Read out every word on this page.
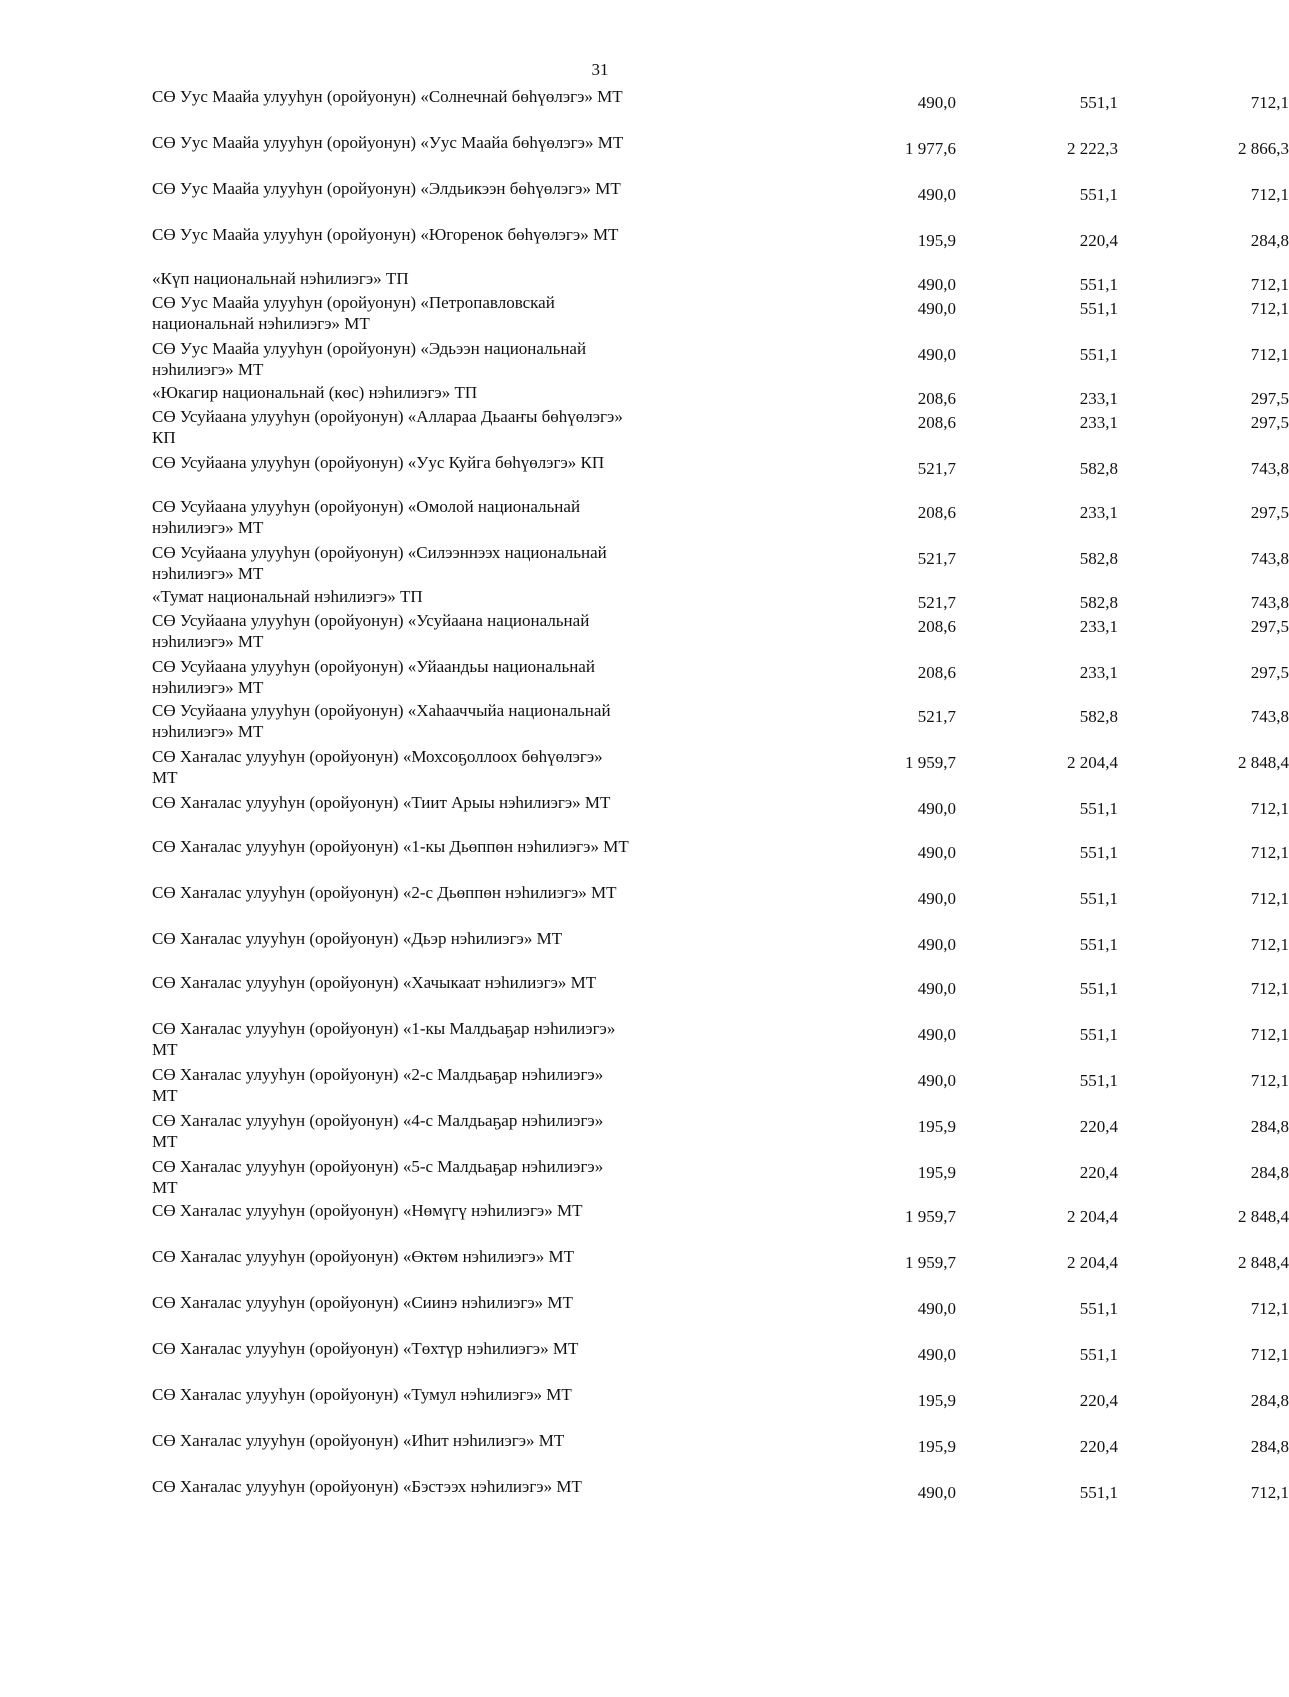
31
СӨ Уус Маайа улууһун (оройуонун) «Солнечнай бөһүөлэгэ» МТ	490,0	551,1	712,1
СӨ Уус Маайа улууһун (оройуонун) «Уус Маайа бөһүөлэгэ» МТ	1 977,6	2 222,3	2 866,3
СӨ Уус Маайа улууһун (оройуонун) «Элдьикээн бөһүөлэгэ» МТ	490,0	551,1	712,1
СӨ Уус Маайа улууһун (оройуонун) «Югоренок бөһүөлэгэ» МТ	195,9	220,4	284,8
«Күп национальнай нэһилиэгэ» ТП	490,0	551,1	712,1
СӨ Уус Маайа улууһун (оройуонун) «Петропавловскай национальнай нэһилиэгэ» МТ
490,0	551,1	712,1
СӨ Уус Маайа улууһун (оройуонун) «Эдьээн национальнай нэһилиэгэ» МТ
490,0	551,1	712,1
«Юкагир национальнай (көс) нэһилиэгэ» ТП	208,6	233,1	297,5
СӨ Усуйаана улууһун (оройуонун) «Аллараа Дьааҥы бөһүөлэгэ» КП
208,6	233,1	297,5
СӨ Усуйаана улууһун (оройуонун) «Уус Куйга бөһүөлэгэ» КП	521,7	582,8	743,8
СӨ Усуйаана улууһун (оройуонун) «Омолой национальнай нэһилиэгэ» МТ
208,6	233,1	297,5
СӨ Усуйаана улууһун (оройуонун) «Силээннээх национальнай нэһилиэгэ» МТ
521,7	582,8	743,8
«Тумат национальнай нэһилиэгэ» ТП	521,7	582,8	743,8
СӨ Усуйаана улууһун (оройуонун) «Усуйаана национальнай нэһилиэгэ» МТ
208,6	233,1	297,5
СӨ Усуйаана улууһун (оройуонун) «Уйаандьы национальнай нэһилиэгэ» МТ
208,6	233,1	297,5
СӨ Усуйаана улууһун (оройуонун) «Хаһааччыйа национальнай нэһилиэгэ» МТ
521,7	582,8	743,8
СӨ Хаҥалас улууһун (оройуонун) «Мохсоҕоллоох бөһүөлэгэ» МТ
1 959,7	2 204,4	2 848,4
СӨ Хаҥалас улууһун (оройуонун) «Тиит Арыы нэһилиэгэ» МТ	490,0	551,1	712,1
СӨ Хаҥалас улууһун (оройуонун) «1-кы Дьөппөн нэһилиэгэ» МТ	490,0	551,1	712,1
СӨ Хаҥалас улууһун (оройуонун) «2-с Дьөппөн нэһилиэгэ» МТ	490,0	551,1	712,1
СӨ Хаҥалас улууһун (оройуонун) «Дьэр нэһилиэгэ» МТ	490,0	551,1	712,1
СӨ Хаҥалас улууһун (оройуонун) «Хачыкаат нэһилиэгэ» МТ	490,0	551,1	712,1
СӨ Хаҥалас улууһун (оройуонун) «1-кы Малдьаҕар нэһилиэгэ» МТ
490,0	551,1	712,1
СӨ Хаҥалас улууһун (оройуонун) «2-с Малдьаҕар нэһилиэгэ» МТ
490,0	551,1	712,1
СӨ Хаҥалас улууһун (оройуонун) «4-с Малдьаҕар нэһилиэгэ» МТ
195,9	220,4	284,8
СӨ Хаҥалас улууһун (оройуонун) «5-с Малдьаҕар нэһилиэгэ» МТ
195,9	220,4	284,8
СӨ Хаҥалас улууһун (оройуонун) «Нөмүгү нэһилиэгэ» МТ	1 959,7	2 204,4	2 848,4
СӨ Хаҥалас улууһун (оройуонун) «Өктөм нэһилиэгэ» МТ	1 959,7	2 204,4	2 848,4
СӨ Хаҥалас улууһун (оройуонун) «Сиинэ нэһилиэгэ» МТ	490,0	551,1	712,1
СӨ Хаҥалас улууһун (оройуонун) «Төхтүр нэһилиэгэ» МТ	490,0	551,1	712,1
СӨ Хаҥалас улууһун (оройуонун) «Тумул нэһилиэгэ» МТ	195,9	220,4	284,8
СӨ Хаҥалас улууһун (оройуонун) «Иһит нэһилиэгэ» МТ	195,9	220,4	284,8
СӨ Хаҥалас улууһун (оройуонун) «Бэстээх нэһилиэгэ» МТ	490,0	551,1	712,1
